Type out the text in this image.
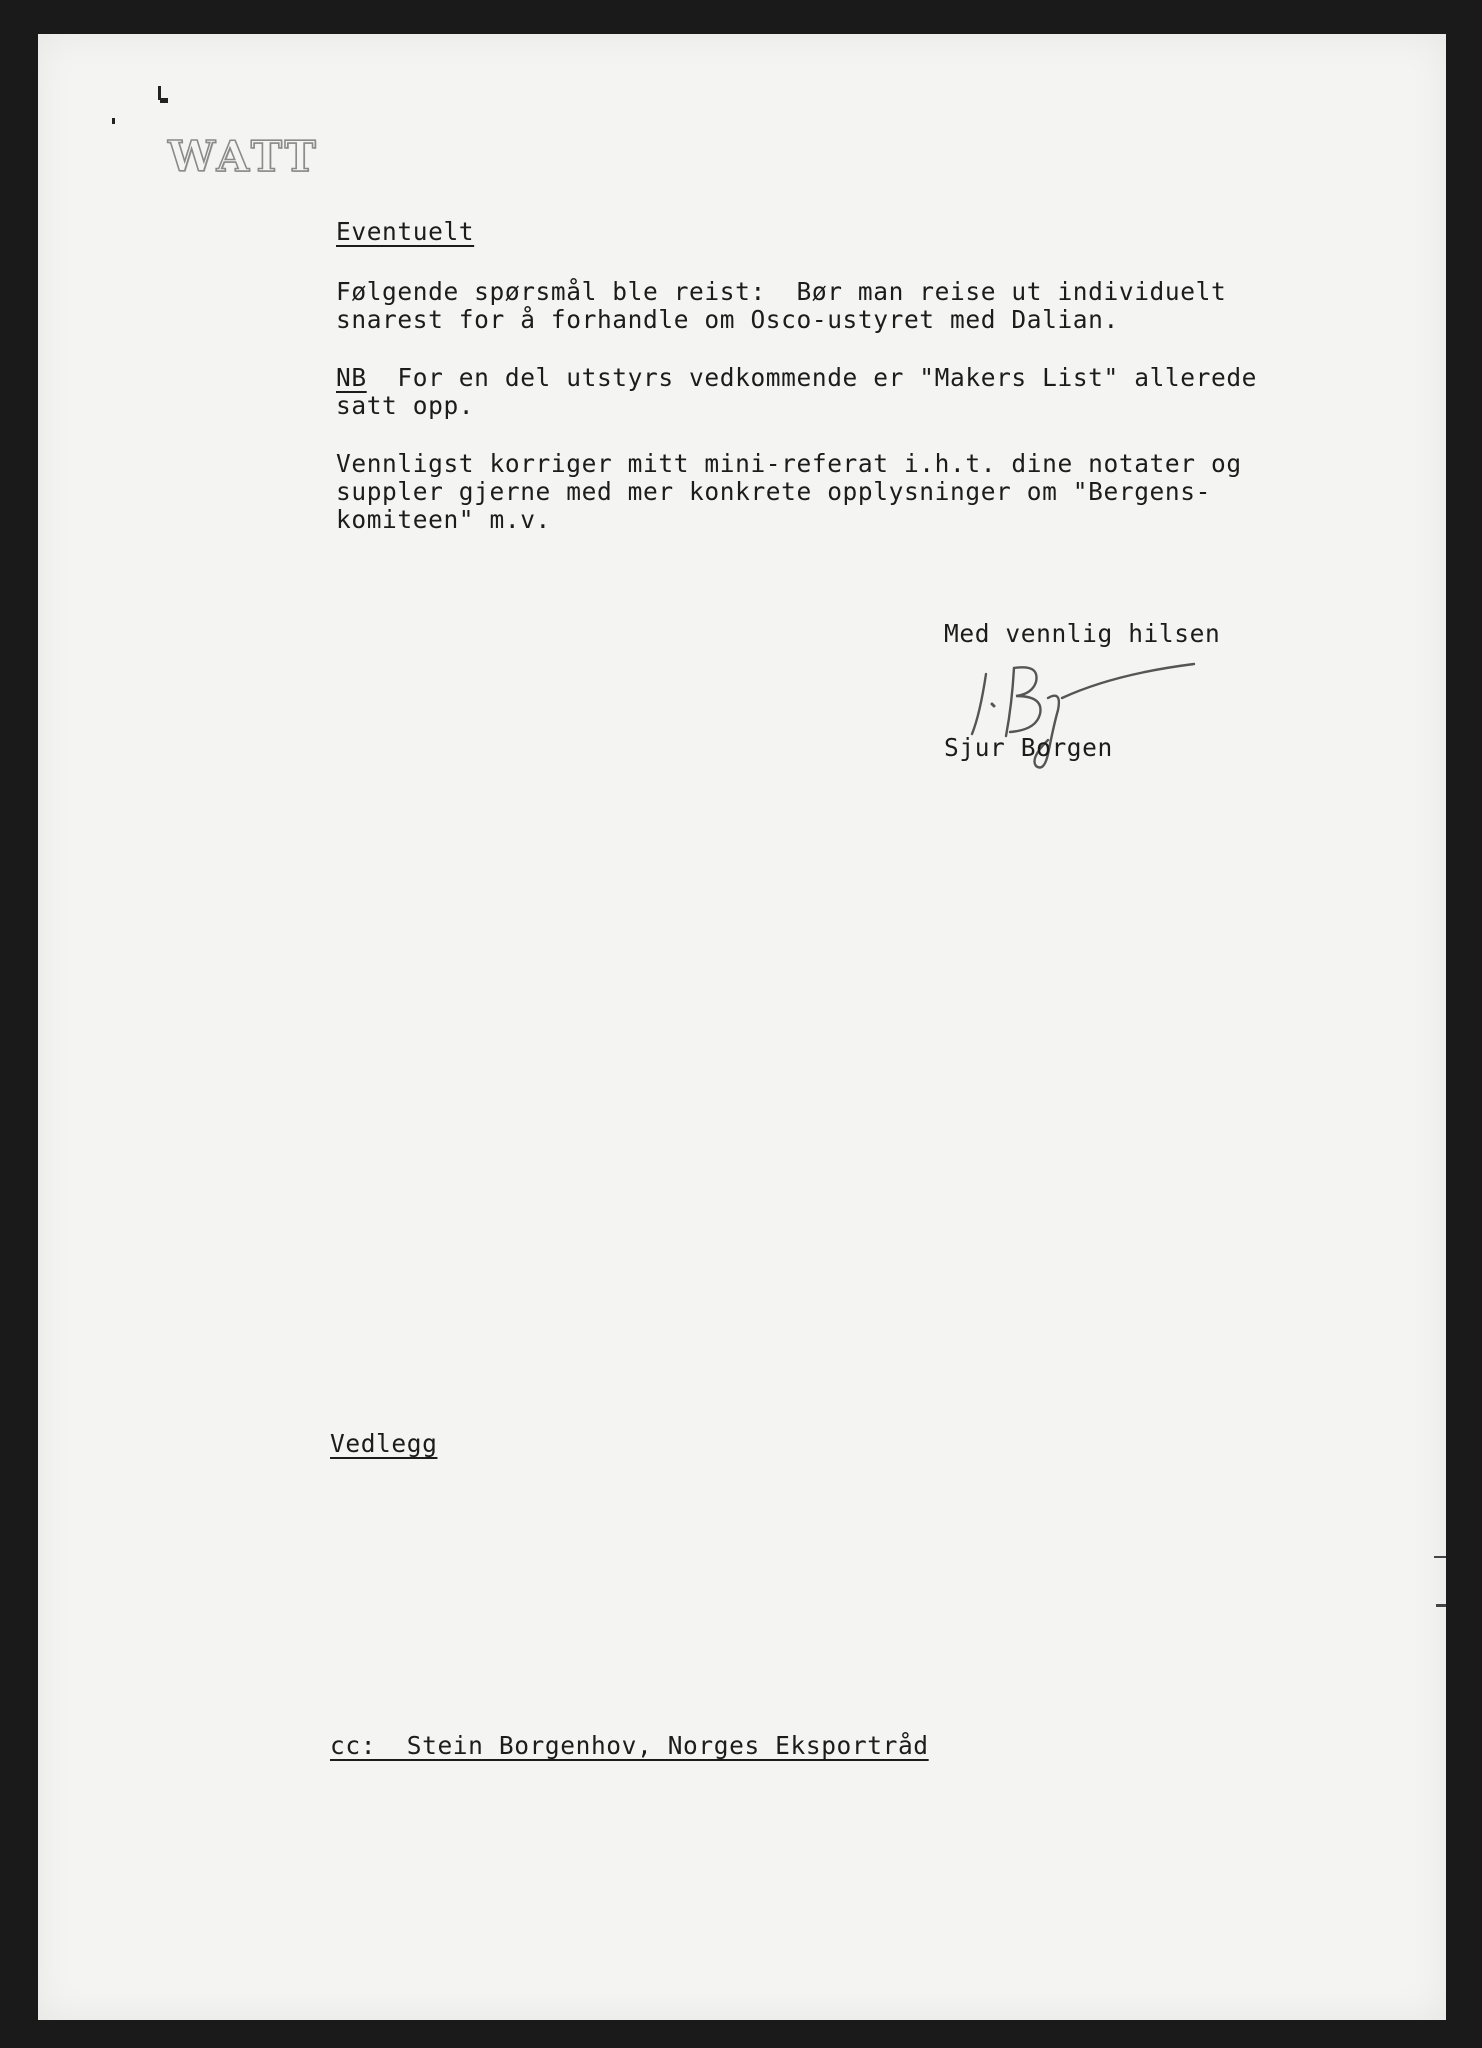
WATT

Eventuelt

Følgende spørsmål ble reist:  Bør man reise ut individuelt

snarest for å forhandle om Osco-ustyret med Dalian.

NB  For en del utstyrs vedkommende er "Makers List" allerede

satt opp.

Vennligst korriger mitt mini-referat i.h.t. dine notater og

suppler gjerne med mer konkrete opplysninger om "Bergens-

komiteen" m.v.

Med vennlig hilsen

Sjur Borgen

Vedlegg

cc:  Stein Borgenhov, Norges Eksportråd
